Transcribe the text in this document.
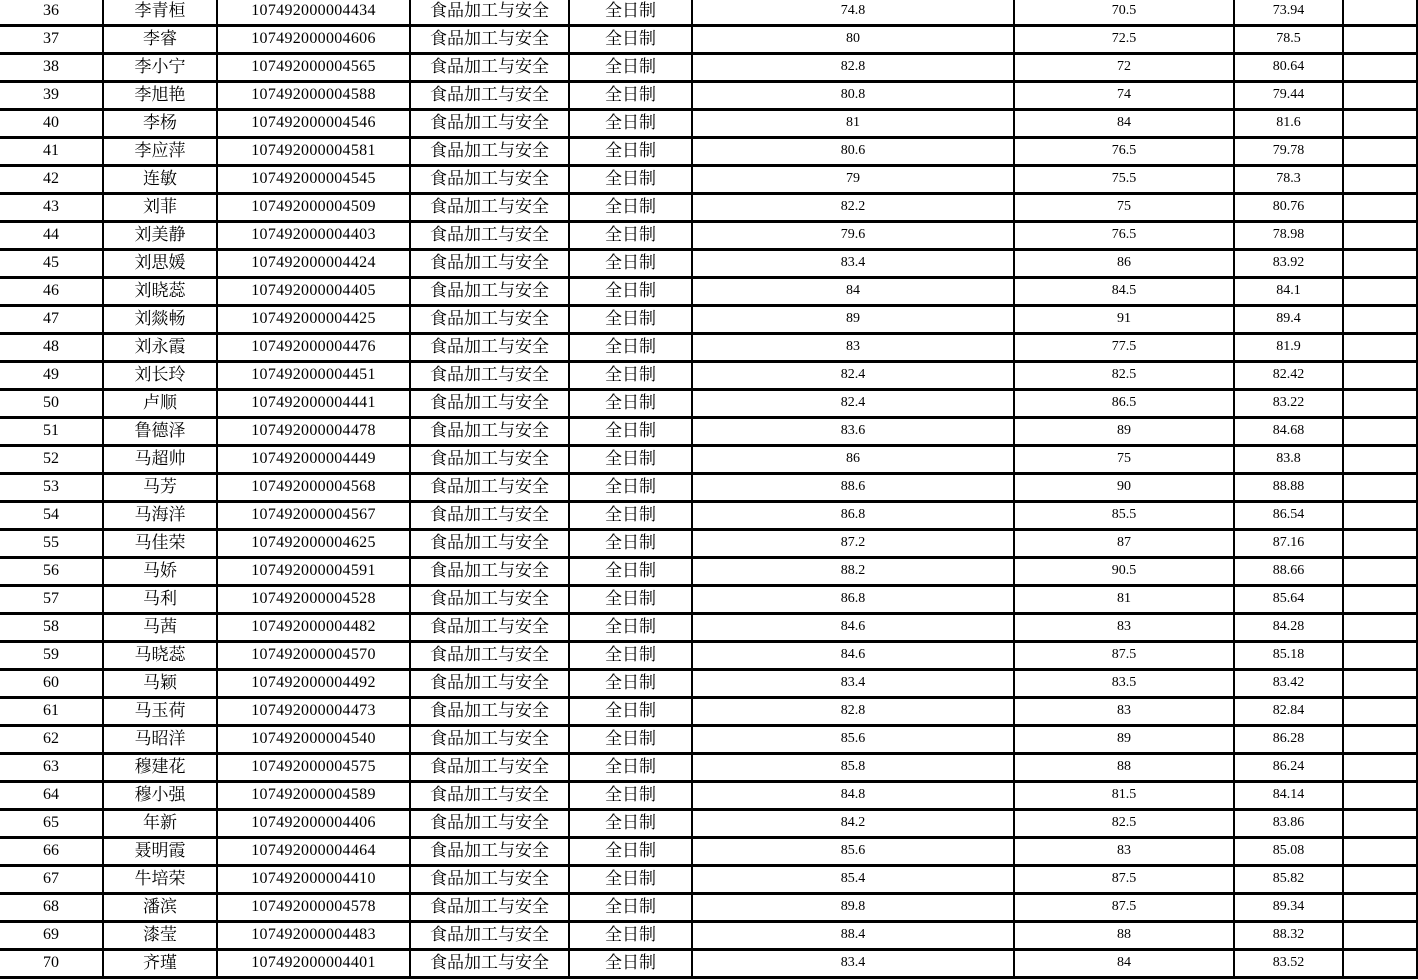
36	李青桓	107492000004434	食品加工与安全	全日制	74.8	70.5	73.94
37	李睿	107492000004606	食品加工与安全	全日制	80	72.5	78.5
38	李小宁	107492000004565	食品加工与安全	全日制	82.8	72	80.64
39	李旭艳	107492000004588	食品加工与安全	全日制	80.8	74	79.44
40	李杨	107492000004546	食品加工与安全	全日制	81	84	81.6
41	李应萍	107492000004581	食品加工与安全	全日制	80.6	76.5	79.78
42	连敏	107492000004545	食品加工与安全	全日制	79	75.5	78.3
43	刘菲	107492000004509	食品加工与安全	全日制	82.2	75	80.76
44	刘美静	107492000004403	食品加工与安全	全日制	79.6	76.5	78.98
45	刘思媛	107492000004424	食品加工与安全	全日制	83.4	86	83.92
46	刘晓蕊	107492000004405	食品加工与安全	全日制	84	84.5	84.1
47	刘燚畅	107492000004425	食品加工与安全	全日制	89	91	89.4
48	刘永霞	107492000004476	食品加工与安全	全日制	83	77.5	81.9
49	刘长玲	107492000004451	食品加工与安全	全日制	82.4	82.5	82.42
50	卢顺	107492000004441	食品加工与安全	全日制	82.4	86.5	83.22
51	鲁德泽	107492000004478	食品加工与安全	全日制	83.6	89	84.68
52	马超帅	107492000004449	食品加工与安全	全日制	86	75	83.8
53	马芳	107492000004568	食品加工与安全	全日制	88.6	90	88.88
54	马海洋	107492000004567	食品加工与安全	全日制	86.8	85.5	86.54
55	马佳荣	107492000004625	食品加工与安全	全日制	87.2	87	87.16
56	马娇	107492000004591	食品加工与安全	全日制	88.2	90.5	88.66
57	马利	107492000004528	食品加工与安全	全日制	86.8	81	85.64
58	马茜	107492000004482	食品加工与安全	全日制	84.6	83	84.28
59	马晓蕊	107492000004570	食品加工与安全	全日制	84.6	87.5	85.18
60	马颖	107492000004492	食品加工与安全	全日制	83.4	83.5	83.42
61	马玉荷	107492000004473	食品加工与安全	全日制	82.8	83	82.84
62	马昭洋	107492000004540	食品加工与安全	全日制	85.6	89	86.28
63	穆建花	107492000004575	食品加工与安全	全日制	85.8	88	86.24
64	穆小强	107492000004589	食品加工与安全	全日制	84.8	81.5	84.14
65	年新	107492000004406	食品加工与安全	全日制	84.2	82.5	83.86
66	聂明霞	107492000004464	食品加工与安全	全日制	85.6	83	85.08
67	牛培荣	107492000004410	食品加工与安全	全日制	85.4	87.5	85.82
68	潘滨	107492000004578	食品加工与安全	全日制	89.8	87.5	89.34
69	漆莹	107492000004483	食品加工与安全	全日制	88.4	88	88.32
70	齐瑾	107492000004401	食品加工与安全	全日制	83.4	84	83.52
